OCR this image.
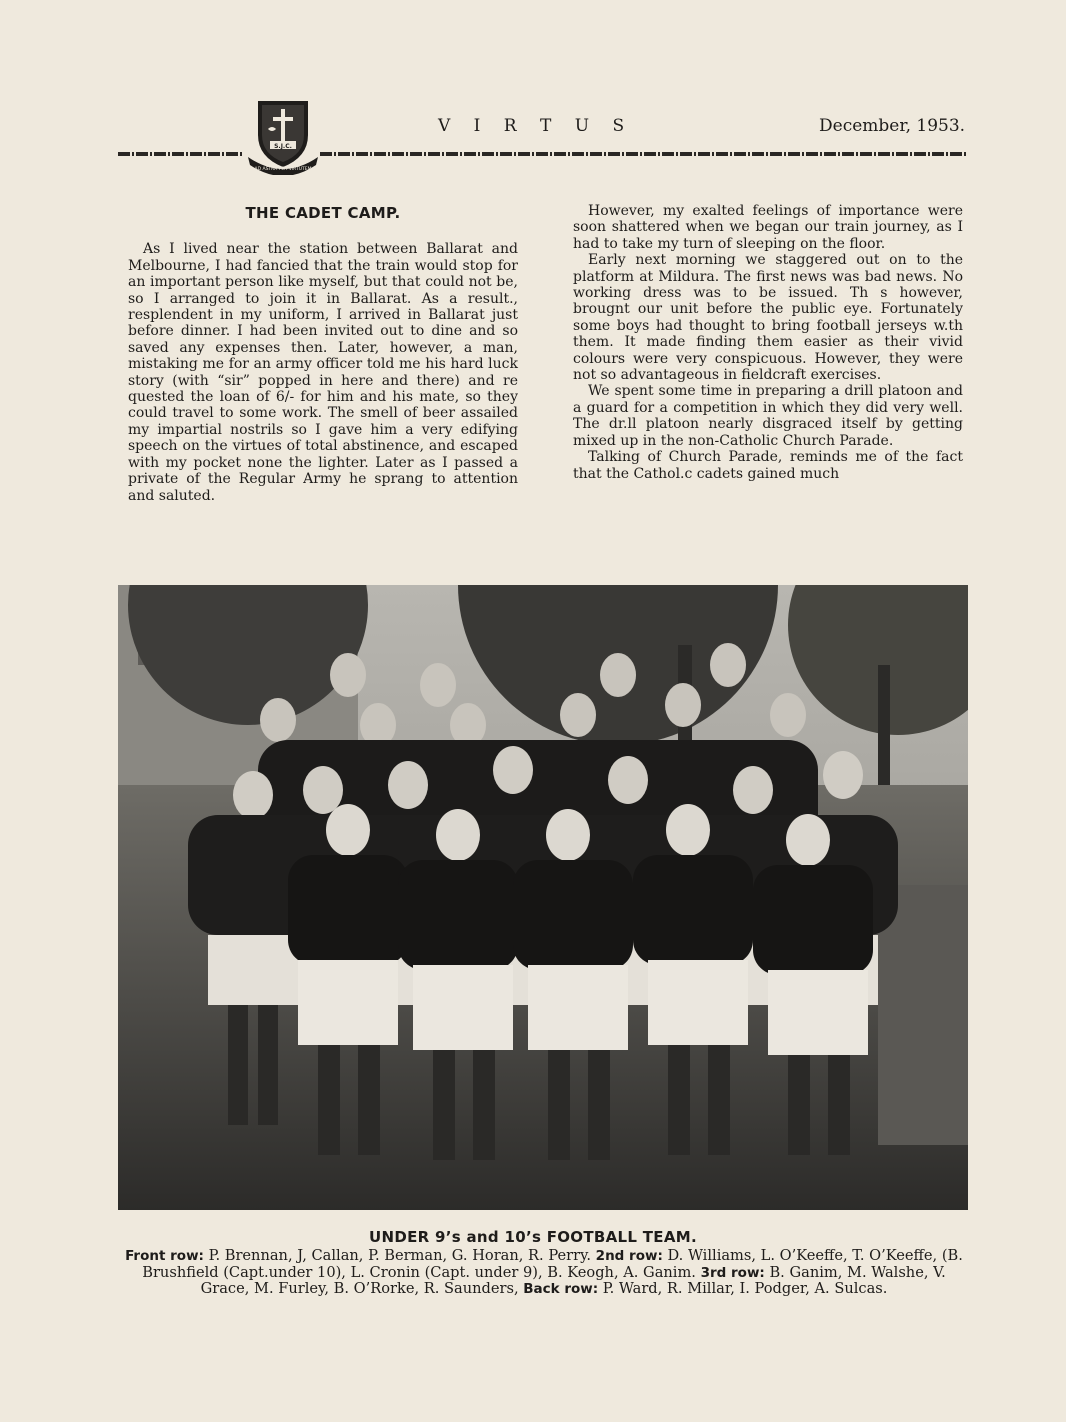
S.J.C.
AD ASTRA PER VIRTUTEM
V I R T U S	December, 1953.
THE CADET CAMP.

As I lived near the station between Ballarat and Melbourne, I had fancied that the train would stop for an important person like myself, but that could not be, so I arranged to join it in Ballarat. As a result., resplendent in my uniform, I arrived in Ballarat just before dinner. I had been invited out to dine and so saved any expenses then. Later, however, a man, mistaking me for an army officer told me his hard luck story (with “sir” popped in here and there) and re quested the loan of 6/- for him and his mate, so they could travel to some work. The smell of beer assailed my impartial nostrils so I gave him a very edifying speech on the virtues of total abstinence, and escaped with my pocket none the lighter. Later as I passed a private of the Regular Army he sprang to attention and saluted.

However, my exalted feelings of importance were soon shattered when we began our train journey, as I had to take my turn of sleeping on the floor.

Early next morning we staggered out on to the platform at Mildura. The first news was bad news. No working dress was to be issued. Th s however, brougnt our unit before the public eye. Fortunately some boys had thought to bring football jerseys w.th them. It made finding them easier as their vivid colours were very conspicuous. However, they were not so advantageous in fieldcraft exercises.

We spent some time in preparing a drill platoon and a guard for a competition in which they did very well. The dr.ll platoon nearly disgraced itself by getting mixed up in the non-Catholic Church Parade.

Talking of Church Parade, reminds me of the fact that the Cathol.c cadets gained much

UNDER 9’s and 10’s FOOTBALL TEAM.
Front row: P. Brennan, J, Callan, P. Berman, G. Horan, R. Perry. 2nd row: D. Williams, L. O’Keeffe, T. O’Keeffe, (B. Brushfield (Capt.under 10), L. Cronin (Capt. under 9), B. Keogh, A. Ganim. 3rd row: B. Ganim, M. Walshe, V. Grace, M. Furley, B. O’Rorke, R. Saunders, Back row: P. Ward, R. Millar, I. Podger, A. Sulcas.
